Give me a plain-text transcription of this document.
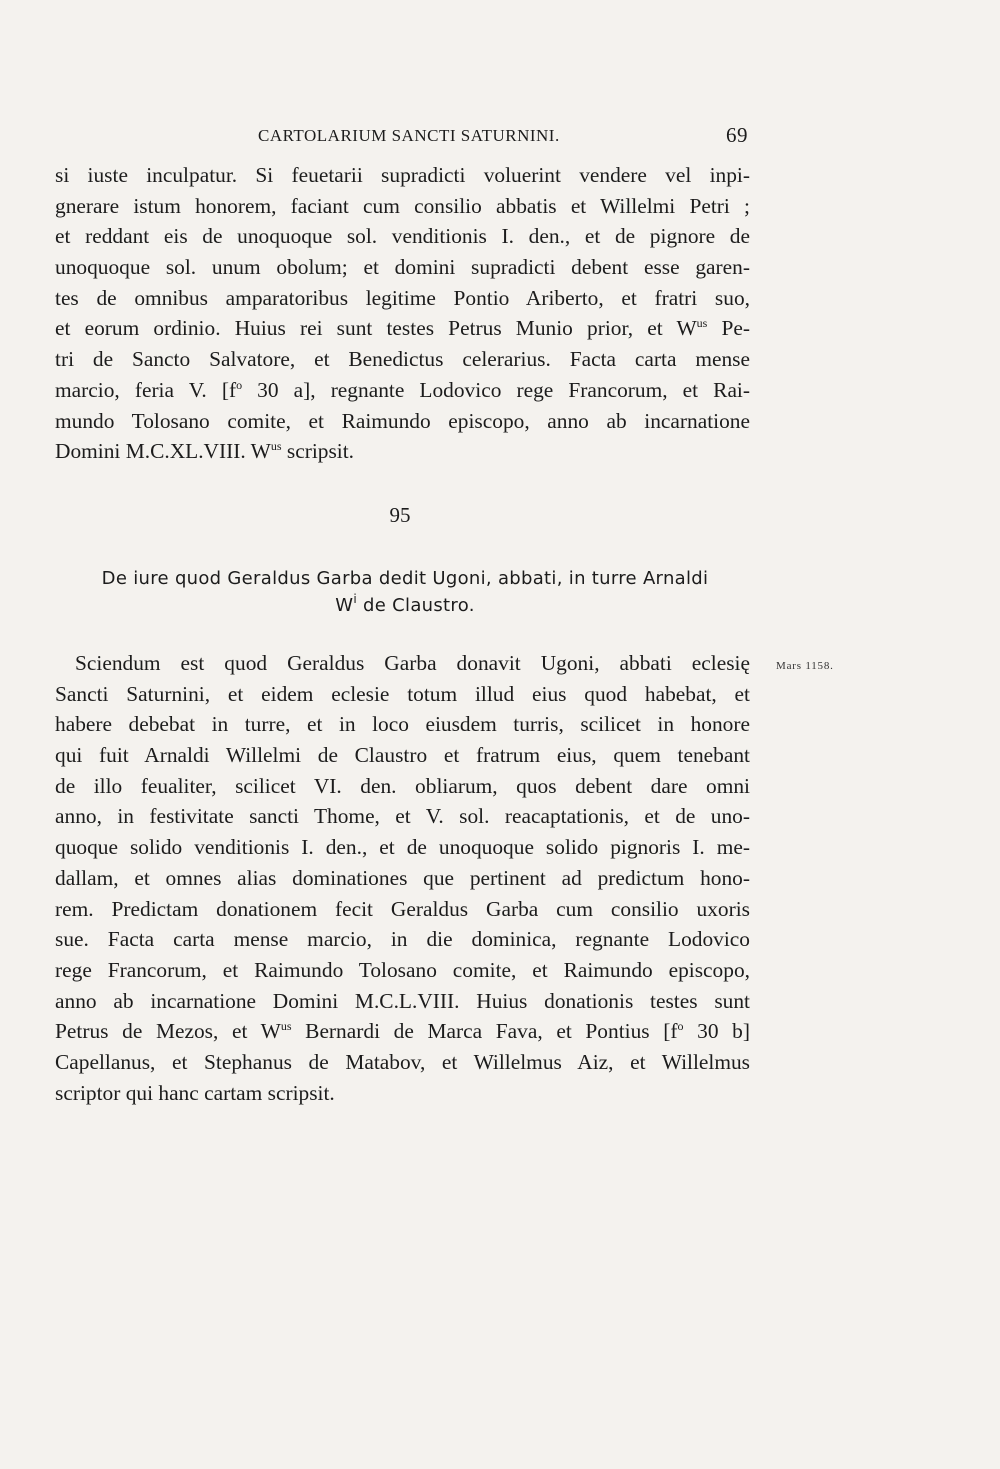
CARTOLARIUM SANCTI SATURNINI.	69
si iuste inculpatur. Si feuetarii supradicti voluerint vendere vel inpi-
gnerare istum honorem, faciant cum consilio abbatis et Willelmi Petri ;
et reddant eis de unoquoque sol. venditionis I. den., et de pignore de
unoquoque sol. unum obolum; et domini supradicti debent esse garen-
tes de omnibus amparatoribus legitime Pontio Ariberto, et fratri suo,
et eorum ordinio. Huius rei sunt testes Petrus Munio prior, et $W^{us}$ Pe-
tri de Sancto Salvatore, et Benedictus celerarius. Facta carta mense
marcio, feria V. [$f^o$ 30 a], regnante Lodovico rege Francorum, et Rai-
mundo Tolosano comite, et Raimundo episcopo, anno ab incarnatione
Domini M.C.XL.VIII. $W^{us}$ scripsit.
95
De iure quod Geraldus Garba dedit Ugoni, abbati, in turre Arnaldi
$W^i$ de Claustro.
Mars 1158.
Sciendum est quod Geraldus Garba donavit Ugoni, abbati eclesię
Sancti Saturnini, et eidem eclesie totum illud eius quod habebat, et
habere debebat in turre, et in loco eiusdem turris, scilicet in honore
qui fuit Arnaldi Willelmi de Claustro et fratrum eius, quem tenebant
de illo feualiter, scilicet VI. den. obliarum, quos debent dare omni
anno, in festivitate sancti Thome, et V. sol. reacaptationis, et de uno-
quoque solido venditionis I. den., et de unoquoque solido pignoris I. me-
dallam, et omnes alias dominationes que pertinent ad predictum hono-
rem. Predictam donationem fecit Geraldus Garba cum consilio uxoris
sue. Facta carta mense marcio, in die dominica, regnante Lodovico
rege Francorum, et Raimundo Tolosano comite, et Raimundo episcopo,
anno ab incarnatione Domini M.C.L.VIII. Huius donationis testes sunt
Petrus de Mezos, et $W^{us}$ Bernardi de Marca Fava, et Pontius [$f^o$ 30 b]
Capellanus, et Stephanus de Matabov, et Willelmus Aiz, et Willelmus
scriptor qui hanc cartam scripsit.
